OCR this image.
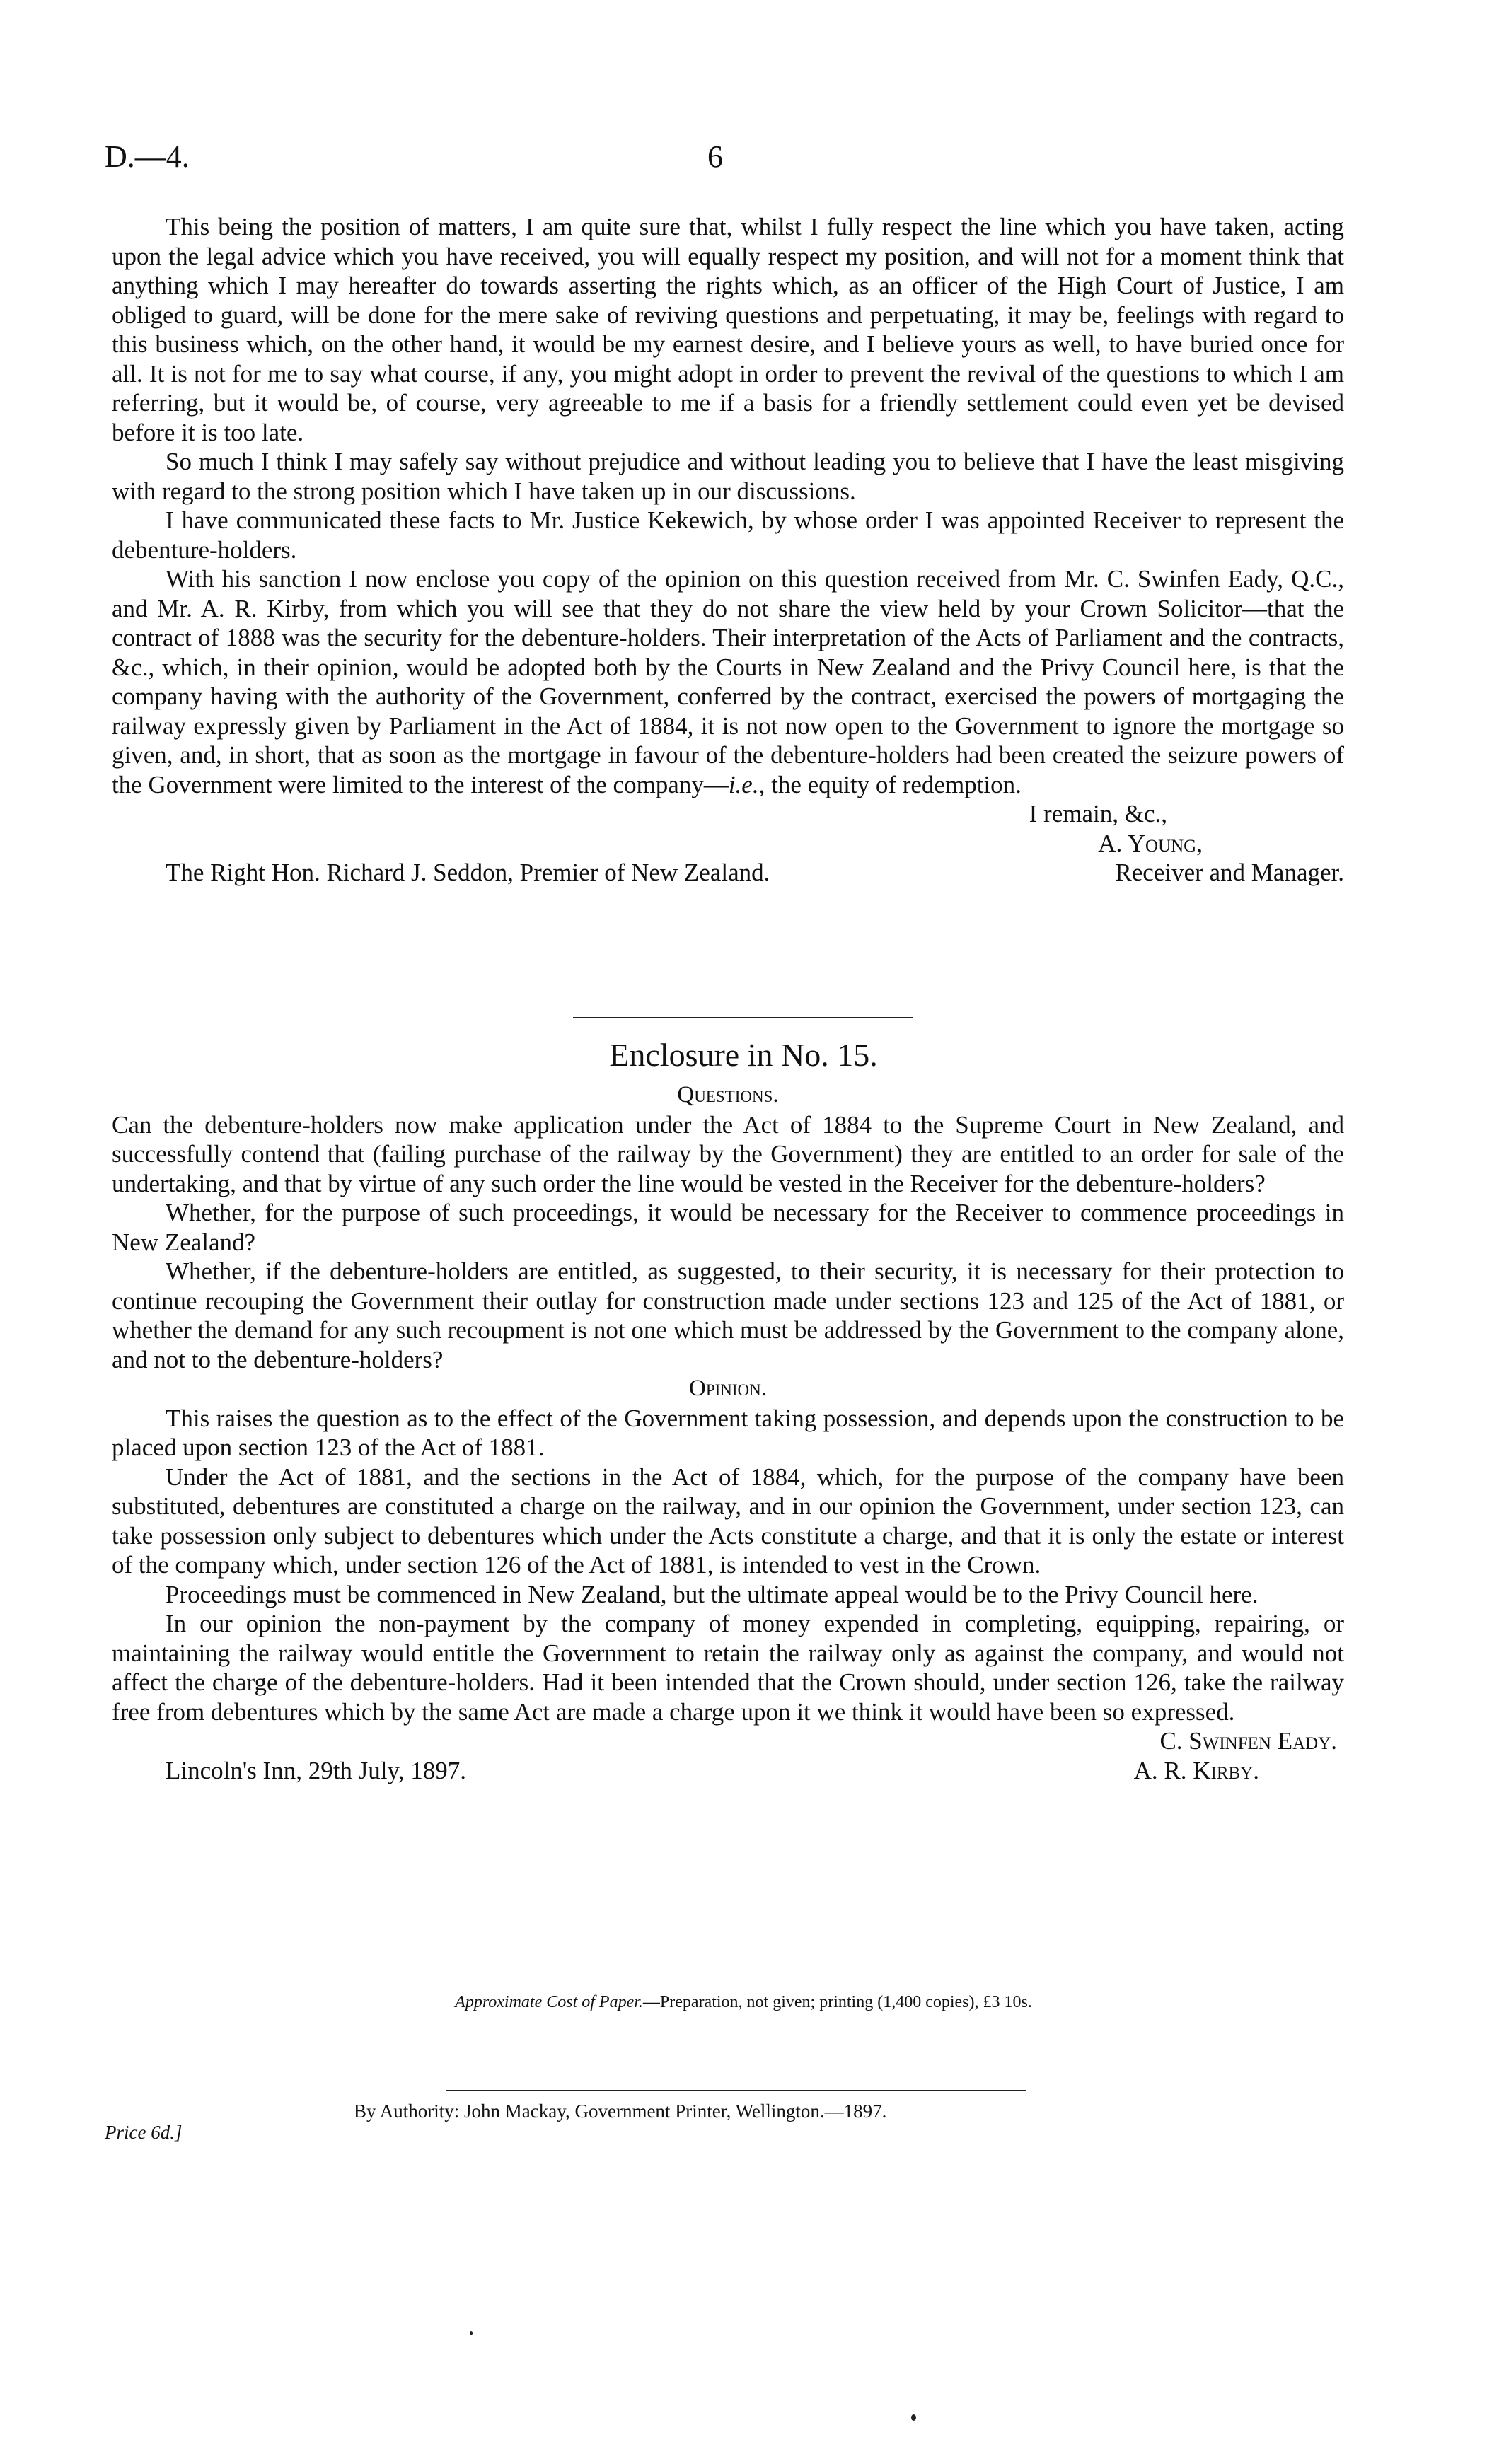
D.—4.	6

This being the position of matters, I am quite sure that, whilst I fully respect the line which you have taken, acting upon the legal advice which you have received, you will equally respect my position, and will not for a moment think that anything which I may hereafter do towards asserting the rights which, as an officer of the High Court of Justice, I am obliged to guard, will be done for the mere sake of reviving questions and perpetuating, it may be, feelings with regard to this business which, on the other hand, it would be my earnest desire, and I believe yours as well, to have buried once for all. It is not for me to say what course, if any, you might adopt in order to prevent the revival of the questions to which I am referring, but it would be, of course, very agreeable to me if a basis for a friendly settlement could even yet be devised before it is too late.

So much I think I may safely say without prejudice and without leading you to believe that I have the least misgiving with regard to the strong position which I have taken up in our discussions.

I have communicated these facts to Mr. Justice Kekewich, by whose order I was appointed Receiver to represent the debenture-holders.

With his sanction I now enclose you copy of the opinion on this question received from Mr. C. Swinfen Eady, Q.C., and Mr. A. R. Kirby, from which you will see that they do not share the view held by your Crown Solicitor—that the contract of 1888 was the security for the debenture-holders. Their interpretation of the Acts of Parliament and the contracts, &c., which, in their opinion, would be adopted both by the Courts in New Zealand and the Privy Council here, is that the company having with the authority of the Government, conferred by the contract, exercised the powers of mortgaging the railway expressly given by Parliament in the Act of 1884, it is not now open to the Government to ignore the mortgage so given, and, in short, that as soon as the mortgage in favour of the debenture-holders had been created the seizure powers of the Government were limited to the interest of the company—i.e., the equity of redemption.

I remain, &c.,
A. Young,
The Right Hon. Richard J. Seddon, Premier of New Zealand.	Receiver and Manager.
Enclosure in No. 15.
Questions.

Can the debenture-holders now make application under the Act of 1884 to the Supreme Court in New Zealand, and successfully contend that (failing purchase of the railway by the Government) they are entitled to an order for sale of the undertaking, and that by virtue of any such order the line would be vested in the Receiver for the debenture-holders?

Whether, for the purpose of such proceedings, it would be necessary for the Receiver to commence proceedings in New Zealand?

Whether, if the debenture-holders are entitled, as suggested, to their security, it is necessary for their protection to continue recouping the Government their outlay for construction made under sections 123 and 125 of the Act of 1881, or whether the demand for any such recoupment is not one which must be addressed by the Government to the company alone, and not to the debenture-holders?

Opinion.

This raises the question as to the effect of the Government taking possession, and depends upon the construction to be placed upon section 123 of the Act of 1881.

Under the Act of 1881, and the sections in the Act of 1884, which, for the purpose of the company have been substituted, debentures are constituted a charge on the railway, and in our opinion the Government, under section 123, can take possession only subject to debentures which under the Acts constitute a charge, and that it is only the estate or interest of the company which, under section 126 of the Act of 1881, is intended to vest in the Crown.

Proceedings must be commenced in New Zealand, but the ultimate appeal would be to the Privy Council here.

In our opinion the non-payment by the company of money expended in completing, equipping, repairing, or maintaining the railway would entitle the Government to retain the railway only as against the company, and would not affect the charge of the debenture-holders. Had it been intended that the Crown should, under section 126, take the railway free from debentures which by the same Act are made a charge upon it we think it would have been so expressed.

C. Swinfen Eady.
Lincoln's Inn, 29th July, 1897.	A. R. Kirby.
Approximate Cost of Paper.—Preparation, not given; printing (1,400 copies), £3 10s.
By Authority: John Mackay, Government Printer, Wellington.—1897.
Price 6d.]
